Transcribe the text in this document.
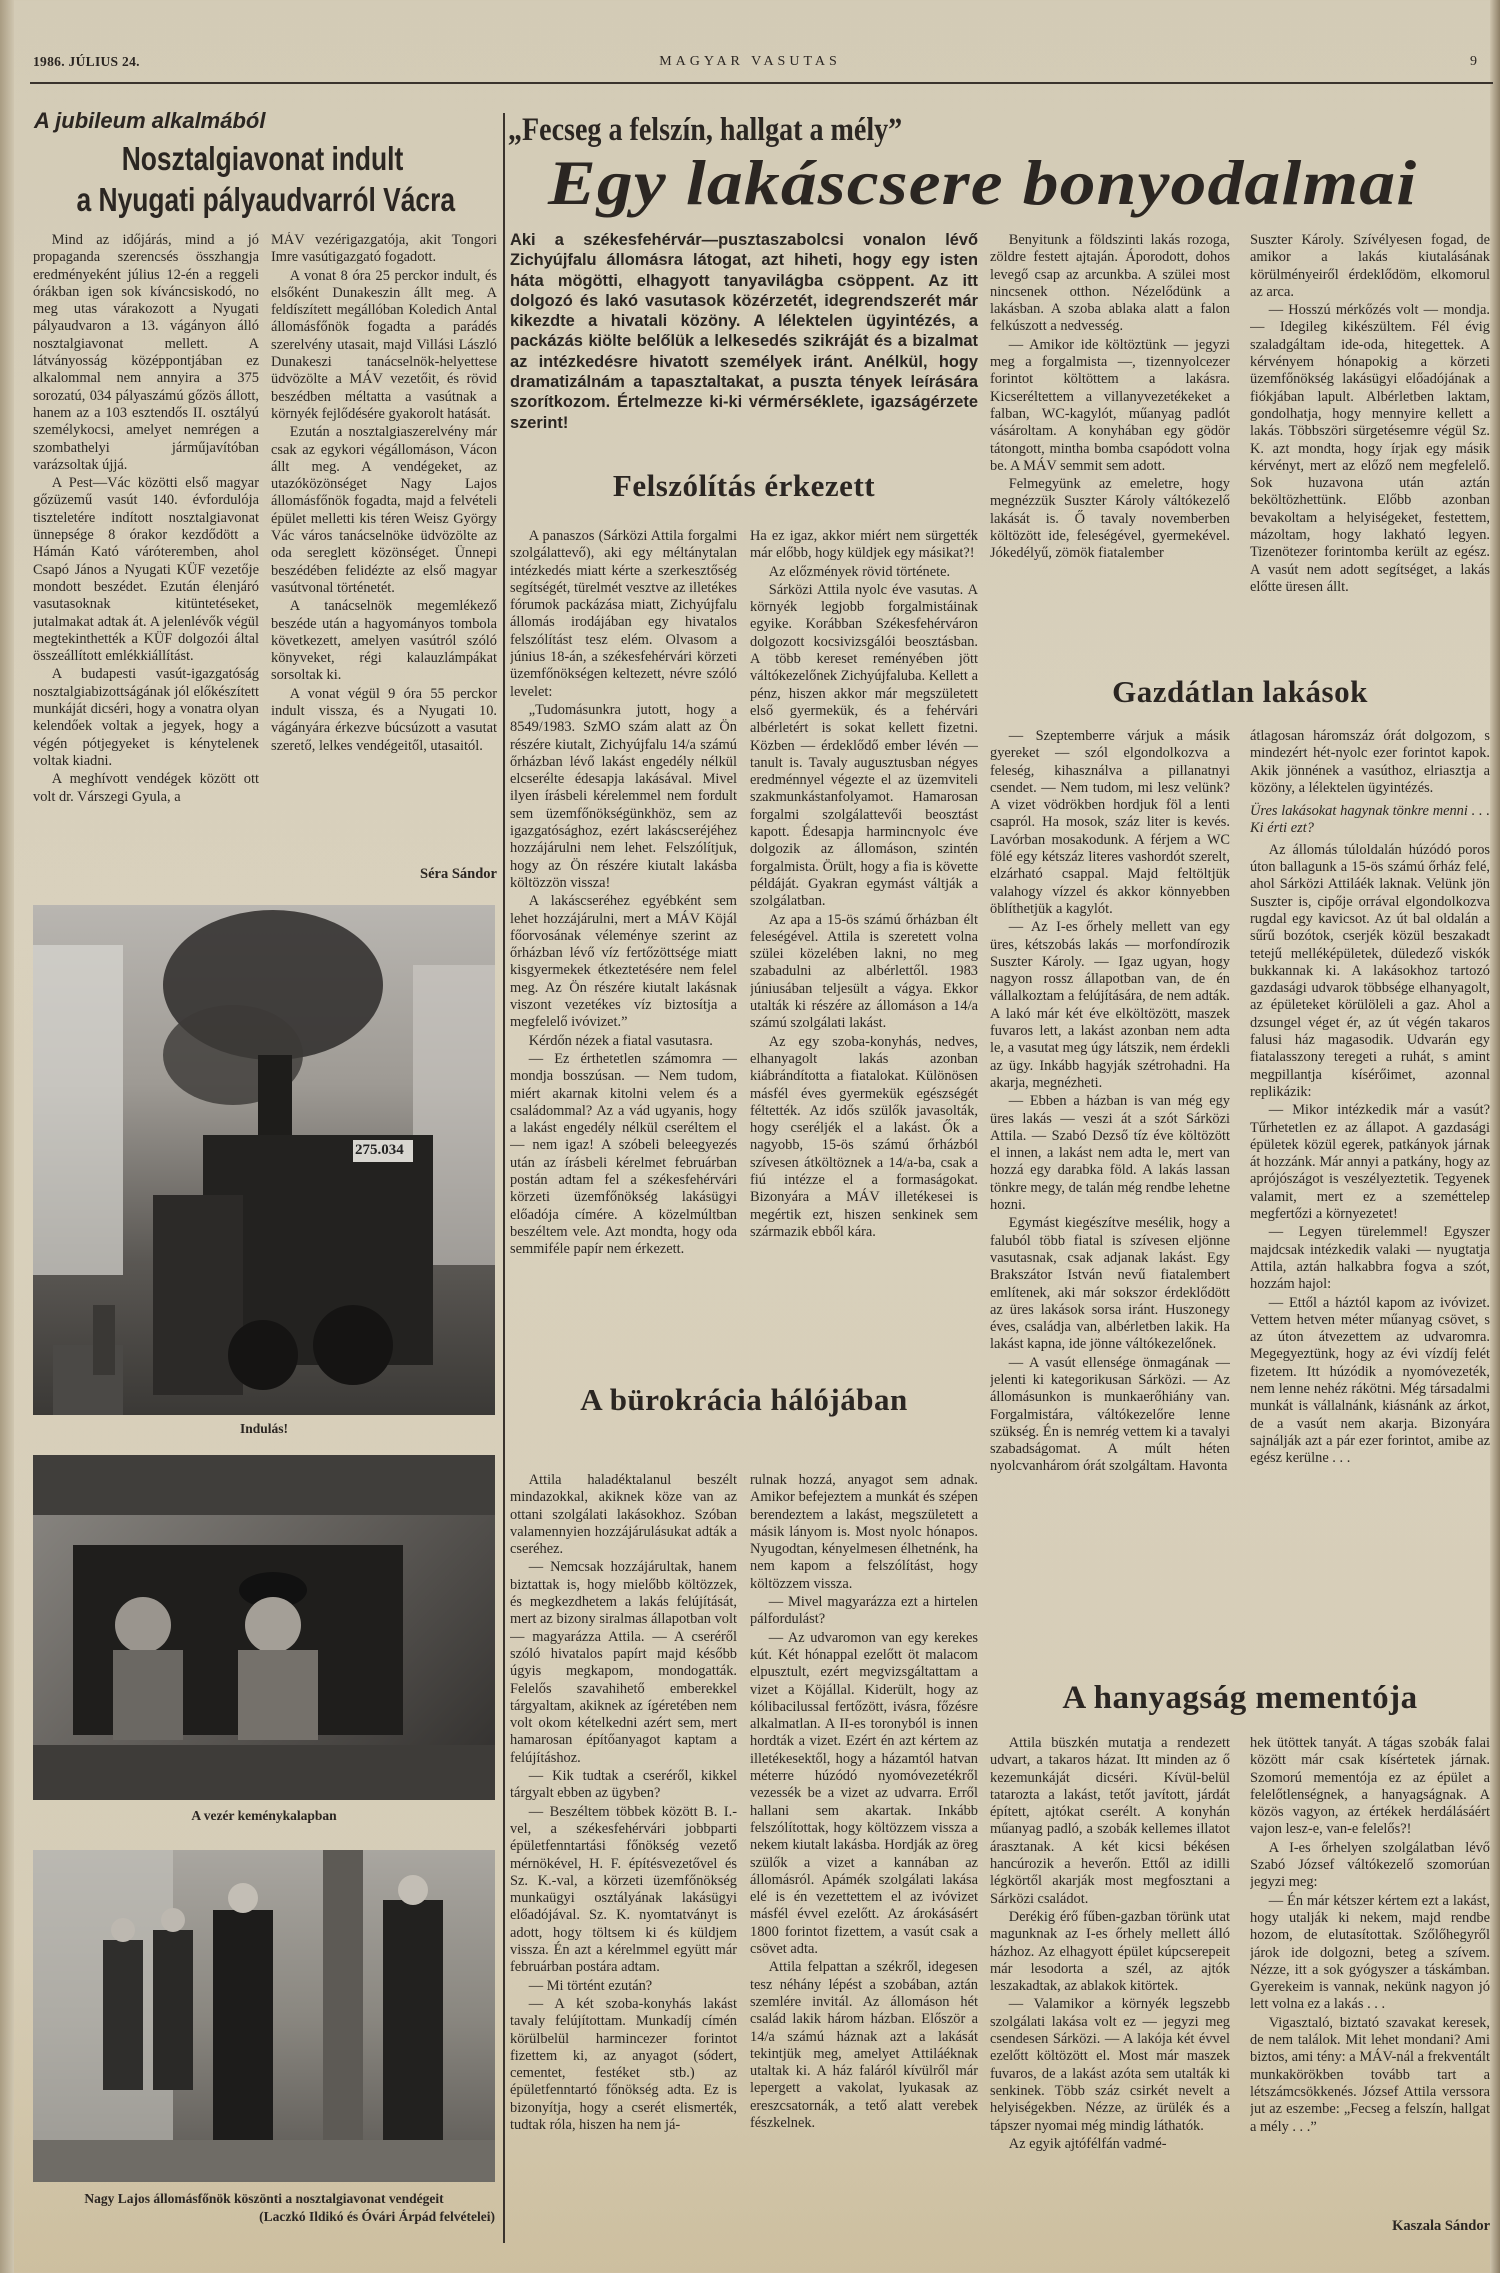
1986. JÚLIUS 24.	MAGYAR VASUTAS	9
A jubileum alkalmából
Nosztalgiavonat indult
a Nyugati pályaudvarról Vácra

Mind az időjárás, mind a jó propaganda szerencsés összhangja eredményeként július 12-én a reggeli órákban igen sok kíváncsiskodó, no meg utas várakozott a Nyugati pályaudvaron a 13. vágányon álló nosztalgiavonat mellett. A látványosság középpontjában ez alkalommal nem annyira a 375 sorozatú, 034 pályaszámú gőzös állott, hanem az a 103 esztendős II. osztályú személykocsi, amelyet nemrégen a szombathelyi járműjavítóban varázsoltak újjá.

A Pest—Vác közötti első magyar gőzüzemű vasút 140. évfordulója tiszteletére indított nosztalgiavonat ünnepsége 8 órakor kezdődött a Hámán Kató váróteremben, ahol Csapó János a Nyugati KÜF vezetője mondott beszédet. Ezután élenjáró vasutasoknak kitüntetéseket, jutalmakat adtak át. A jelenlévők végül megtekinthették a KÜF dolgozói által összeállított emlékkiállítást.

A budapesti vasút-igazgatóság nosztalgiabizottságának jól előkészített munkáját dicséri, hogy a vonatra olyan kelendőek voltak a jegyek, hogy a végén pótjegyeket is kénytelenek voltak kiadni.

A meghívott vendégek között ott volt dr. Várszegi Gyula, a

MÁV vezérigazgatója, akit Tongori Imre vasútigazgató fogadott.

A vonat 8 óra 25 perckor indult, és elsőként Dunakeszin állt meg. A feldíszített megállóban Koledich Antal állomásfőnök fogadta a parádés szerelvény utasait, majd Villási László Dunakeszi tanácselnök-helyettese üdvözölte a MÁV vezetőit, és rövid beszédben méltatta a vasútnak a környék fejlődésére gyakorolt hatását.

Ezután a nosztalgiaszerelvény már csak az egykori végállomáson, Vácon állt meg. A vendégeket, az utazóközönséget Nagy Lajos állomásfőnök fogadta, majd a felvételi épület melletti kis téren Weisz György Vác város tanácselnöke üdvözölte az oda sereglett közönséget. Ünnepi beszédében felidézte az első magyar vasútvonal történetét.

A tanácselnök megemlékező beszéde után a hagyományos tombola következett, amelyen vasútról szóló könyveket, régi kalauzlámpákat sorsoltak ki.

A vonat végül 9 óra 55 perckor indult vissza, és a Nyugati 10. vágányára érkezve búcsúzott a vasutat szerető, lelkes vendégeitől, utasaitól.

Séra Sándor
275.034
Indulás!
A vezér keménykalapban
Nagy Lajos állomásfőnök köszönti a nosztalgiavonat vendégeit
(Laczkó Ildikó és Óvári Árpád felvételei)
„Fecseg a felszín, hallgat a mély”
Egy lakáscsere bonyodalmai
Aki a székesfehérvár—pusztaszabolcsi vonalon lévő Zichyújfalu állomásra látogat, azt hiheti, hogy egy isten háta mögötti, elhagyott tanyavilágba csöppent. Az itt dolgozó és lakó vasutasok közérzetét, idegrendszerét már kikezdte a hivatali közöny. A lélektelen ügyintézés, a packázás kiölte belőlük a lelkesedés szikráját és a bizalmat az intézkedésre hivatott személyek iránt. Anélkül, hogy dramatizálnám a tapasztaltakat, a puszta tények leírására szorítkozom. Értelmezze ki-ki vérmérséklete, igazságérzete szerint!

Benyitunk a földszinti lakás rozoga, zöldre festett ajtaján. Áporodott, dohos levegő csap az arcunkba. A szülei most nincsenek otthon. Nézelődünk a lakásban. A szoba ablaka alatt a falon felkúszott a nedvesség.

— Amikor ide költöztünk — jegyzi meg a forgalmista —, tizennyolcezer forintot költöttem a lakásra. Kicseréltettem a villanyvezetékeket a falban, WC-kagylót, műanyag padlót vásároltam. A konyhában egy gödör tátongott, mintha bomba csapódott volna be. A MÁV semmit sem adott.

Felmegyünk az emeletre, hogy megnézzük Suszter Károly váltókezelő lakását is. Ő tavaly novemberben költözött ide, feleségével, gyermekével. Jókedélyű, zömök fiatalember

Suszter Károly. Szívélyesen fogad, de amikor a lakás kiutalásának körülményeiről érdeklődöm, elkomorul az arca.

— Hosszú mérkőzés volt — mondja. — Idegileg kikészültem. Fél évig szaladgáltam ide-oda, hitegettek. A kérvényem hónapokig a körzeti üzemfőnökség lakásügyi előadójának a fiókjában lapult. Albérletben laktam, gondolhatja, hogy mennyire kellett a lakás. Többszöri sürgetésemre végül Sz. K. azt mondta, hogy írjak egy másik kérvényt, mert az előző nem megfelelő. Sok huzavona után aztán beköltözhettünk. Előbb azonban bevakoltam a helyiségeket, festettem, mázoltam, hogy lakható legyen. Tizenötezer forintomba került az egész. A vasút nem adott segítséget, a lakás előtte üresen állt.

Felszólítás érkezett

A panaszos (Sárközi Attila forgalmi szolgálattevő), aki egy méltánytalan intézkedés miatt kérte a szerkesztőség segítségét, türelmét vesztve az illetékes fórumok packázása miatt, Zichyújfalu állomás irodájában egy hivatalos felszólítást tesz elém. Olvasom a június 18-án, a székesfehérvári körzeti üzemfőnökségen keltezett, névre szóló levelet:

„Tudomásunkra jutott, hogy a 8549/1983. SzMO szám alatt az Ön részére kiutalt, Zichyújfalu 14/a számú őrházban lévő lakást engedély nélkül elcserélte édesapja lakásával. Mivel ilyen írásbeli kérelemmel nem fordult sem üzemfőnökségünkhöz, sem az igazgatósághoz, ezért lakáscseréjéhez hozzájárulni nem lehet. Felszólítjuk, hogy az Ön részére kiutalt lakásba költözzön vissza!

A lakáscseréhez egyébként sem lehet hozzájárulni, mert a MÁV Köjál főorvosának véleménye szerint az őrházban lévő víz fertőzöttsége miatt kisgyermekek étkeztetésére nem felel meg. Az Ön részére kiutalt lakásnak viszont vezetékes víz biztosítja a megfelelő ivóvizet.”

Kérdőn nézek a fiatal vasutasra.

— Ez érthetetlen számomra — mondja bosszúsan. — Nem tudom, miért akarnak kitolni velem és a családommal? Az a vád ugyanis, hogy a lakást engedély nélkül cseréltem el — nem igaz! A szóbeli beleegyezés után az írásbeli kérelmet februárban postán adtam fel a székesfehérvári körzeti üzemfőnökség lakásügyi előadója címére. A közelmúltban beszéltem vele. Azt mondta, hogy oda semmiféle papír nem érkezett.

Ha ez igaz, akkor miért nem sürgették már előbb, hogy küldjek egy másikat?!

Az előzmények rövid története.

Sárközi Attila nyolc éve vasutas. A környék legjobb forgalmistáinak egyike. Korábban Székesfehérváron dolgozott kocsivizsgálói beosztásban. A több kereset reményében jött váltókezelőnek Zichyújfaluba. Kellett a pénz, hiszen akkor már megszületett első gyermekük, és a fehérvári albérletért is sokat kellett fizetni. Közben — érdeklődő ember lévén — tanult is. Tavaly augusztusban négyes eredménnyel végezte el az üzemviteli szakmunkástanfolyamot. Hamarosan forgalmi szolgálattevői beosztást kapott. Édesapja harmincnyolc éve dolgozik az állomáson, szintén forgalmista. Örült, hogy a fia is követte példáját. Gyakran egymást váltják a szolgálatban.

Az apa a 15-ös számú őrházban élt feleségével. Attila is szeretett volna szülei közelében lakni, no meg szabadulni az albérlettől. 1983 júniusában teljesült a vágya. Ekkor utalták ki részére az állomáson a 14/a számú szolgálati lakást.

Az egy szoba-konyhás, nedves, elhanyagolt lakás azonban kiábrándította a fiatalokat. Különösen másfél éves gyermekük egészségét féltették. Az idős szülők javasolták, hogy cseréljék el a lakást. Ők a nagyobb, 15-ös számú őrházból szívesen átköltöznek a 14/a-ba, csak a fiú intézze el a formaságokat. Bizonyára a MÁV illetékesei is megértik ezt, hiszen senkinek sem származik ebből kára.

Gazdátlan lakások

— Szeptemberre várjuk a másik gyereket — szól elgondolkozva a feleség, kihasználva a pillanatnyi csendet. — Nem tudom, mi lesz velünk? A vizet vödrökben hordjuk föl a lenti csapról. Ha mosok, száz liter is kevés. Lavórban mosakodunk. A férjem a WC fölé egy kétszáz literes vashordót szerelt, elzárható csappal. Majd feltöltjük valahogy vízzel és akkor könnyebben öblíthetjük a kagylót.

— Az I-es őrhely mellett van egy üres, kétszobás lakás — morfondírozik Suszter Károly. — Igaz ugyan, hogy nagyon rossz állapotban van, de én vállalkoztam a felújítására, de nem adták. A lakó már két éve elköltözött, maszek fuvaros lett, a lakást azonban nem adta le, a vasutat meg úgy látszik, nem érdekli az ügy. Inkább hagyják szétrohadni. Ha akarja, megnézheti.

— Ebben a házban is van még egy üres lakás — veszi át a szót Sárközi Attila. — Szabó Dezső tíz éve költözött el innen, a lakást nem adta le, mert van hozzá egy darabka föld. A lakás lassan tönkre megy, de talán még rendbe lehetne hozni.

Egymást kiegészítve mesélik, hogy a faluból több fiatal is szívesen eljönne vasutasnak, csak adjanak lakást. Egy Brakszátor István nevű fiatalembert említenek, aki már sokszor érdeklődött az üres lakások sorsa iránt. Huszonegy éves, családja van, albérletben lakik. Ha lakást kapna, ide jönne váltókezelőnek.

— A vasút ellensége önmagának — jelenti ki kategorikusan Sárközi. — Az állomásunkon is munkaerőhiány van. Forgalmistára, váltókezelőre lenne szükség. Én is nemrég vettem ki a tavalyi szabadságomat. A múlt héten nyolcvanhárom órát szolgáltam. Havonta

átlagosan háromszáz órát dolgozom, s mindezért hét-nyolc ezer forintot kapok. Akik jönnének a vasúthoz, elriasztja a közöny, a lélektelen ügyintézés.

Üres lakásokat hagynak tönkre menni . . . Ki érti ezt?

Az állomás túloldalán húzódó poros úton ballagunk a 15-ös számú őrház felé, ahol Sárközi Attiláék laknak. Velünk jön Suszter is, cipője orrával elgondolkozva rugdal egy kavicsot. Az út bal oldalán a sűrű bozótok, cserjék közül beszakadt tetejű melléképületek, düledező viskók bukkannak ki. A lakásokhoz tartozó gazdasági udvarok többsége elhanyagolt, az épületeket körülöleli a gaz. Ahol a dzsungel véget ér, az út végén takaros falusi ház magasodik. Udvarán egy fiatalasszony teregeti a ruhát, s amint megpillantja kísérőimet, azonnal replikázik:

— Mikor intézkedik már a vasút? Tűrhetetlen ez az állapot. A gazdasági épületek közül egerek, patkányok járnak át hozzánk. Már annyi a patkány, hogy az aprójószágot is veszélyeztetik. Tegyenek valamit, mert ez a szeméttelep megfertőzi a környezetet!

— Legyen türelemmel! Egyszer majdcsak intézkedik valaki — nyugtatja Attila, aztán halkabbra fogva a szót, hozzám hajol:

— Ettől a háztól kapom az ivóvizet. Vettem hetven méter műanyag csövet, s az úton átvezettem az udvaromra. Megegyeztünk, hogy az évi vízdíj felét fizetem. Itt húzódik a nyomóvezeték, nem lenne nehéz rákötni. Még társadalmi munkát is vállalnánk, kiásnánk az árkot, de a vasút nem akarja. Bizonyára sajnálják azt a pár ezer forintot, amibe az egész kerülne . . .

A bürokrácia hálójában

Attila haladéktalanul beszélt mindazokkal, akiknek köze van az ottani szolgálati lakásokhoz. Szóban valamennyien hozzájárulásukat adták a cseréhez.

— Nemcsak hozzájárultak, hanem biztattak is, hogy mielőbb költözzek, és megkezdhetem a lakás felújítását, mert az bizony siralmas állapotban volt — magyarázza Attila. — A cseréről szóló hivatalos papírt majd később úgyis megkapom, mondogatták. Felelős szavahihető emberekkel tárgyaltam, akiknek az ígéretében nem volt okom kételkedni azért sem, mert hamarosan építőanyagot kaptam a felújításhoz.

— Kik tudtak a cseréről, kikkel tárgyalt ebben az ügyben?

— Beszéltem többek között B. I.-vel, a székesfehérvári jobbparti épületfenntartási főnökség vezető mérnökével, H. F. építésvezetővel és Sz. K.-val, a körzeti üzemfőnökség munkaügyi osztályának lakásügyi előadójával. Sz. K. nyomtatványt is adott, hogy töltsem ki és küldjem vissza. Én azt a kérelmmel együtt már februárban postára adtam.

— Mi történt ezután?

— A két szoba-konyhás lakást tavaly felújítottam. Munkadíj címén körülbelül harmincezer forintot fizettem ki, az anyagot (sódert, cementet, festéket stb.) az épületfenntartó főnökség adta. Ez is bizonyítja, hogy a cserét elismerték, tudtak róla, hiszen ha nem já-

rulnak hozzá, anyagot sem adnak. Amikor befejeztem a munkát és szépen berendeztem a lakást, megszületett a másik lányom is. Most nyolc hónapos. Nyugodtan, kényelmesen élhetnénk, ha nem kapom a felszólítást, hogy költözzem vissza.

— Mivel magyarázza ezt a hirtelen pálfordulást?

— Az udvaromon van egy kerekes kút. Két hónappal ezelőtt öt malacom elpusztult, ezért megvizsgáltattam a vizet a Köjállal. Kiderült, hogy az kólibacilussal fertőzött, ivásra, főzésre alkalmatlan. A II-es toronyból is innen hordták a vizet. Ezért én azt kértem az illetékesektől, hogy a házamtól hatvan méterre húzódó nyomóvezetékről vezessék be a vizet az udvarra. Erről hallani sem akartak. Inkább felszólítottak, hogy költözzem vissza a nekem kiutalt lakásba. Hordják az öreg szülők a vizet a kannában az állomásról. Apámék szolgálati lakása elé is én vezettettem el az ivóvizet másfél évvel ezelőtt. Az árokásásért 1800 forintot fizettem, a vasút csak a csövet adta.

Attila felpattan a székről, idegesen tesz néhány lépést a szobában, aztán szemlére invitál. Az állomáson hét család lakik három házban. Először a 14/a számú háznak azt a lakását tekintjük meg, amelyet Attiláéknak utaltak ki. A ház faláról kívülről már lepergett a vakolat, lyukasak az ereszcsatornák, a tető alatt verebek fészkelnek.

A hanyagság mementója

Attila büszkén mutatja a rendezett udvart, a takaros házat. Itt minden az ő kezemunkáját dicséri. Kívül-belül tatarozta a lakást, tetőt javított, járdát épített, ajtókat cserélt. A konyhán műanyag padló, a szobák kellemes illatot árasztanak. A két kicsi békésen hancúrozik a heverőn. Ettől az idilli légkörtől akarják most megfosztani a Sárközi családot.

Derékig érő fűben-gazban törünk utat magunknak az I-es őrhely mellett álló házhoz. Az elhagyott épület kúpcserepeit már lesodorta a szél, az ajtók leszakadtak, az ablakok kitörtek.

— Valamikor a környék legszebb szolgálati lakása volt ez — jegyzi meg csendesen Sárközi. — A lakója két évvel ezelőtt költözött el. Most már maszek fuvaros, de a lakást azóta sem utalták ki senkinek. Több száz csirkét nevelt a helyiségekben. Nézze, az ürülék és a tápszer nyomai még mindig láthatók.

Az egyik ajtófélfán vadmé-

hek ütöttek tanyát. A tágas szobák falai között már csak kísértetek járnak. Szomorú mementója ez az épület a felelőtlenségnek, a hanyagságnak. A közös vagyon, az értékek herdálásáért vajon lesz-e, van-e felelős?!

A I-es őrhelyen szolgálatban lévő Szabó József váltókezelő szomorúan jegyzi meg:

— Én már kétszer kértem ezt a lakást, hogy utalják ki nekem, majd rendbe hozom, de elutasítottak. Szőlőhegyről járok ide dolgozni, beteg a szívem. Nézze, itt a sok gyógyszer a táskámban. Gyerekeim is vannak, nekünk nagyon jó lett volna ez a lakás . . .

Vigasztaló, biztató szavakat keresek, de nem találok. Mit lehet mondani? Ami biztos, ami tény: a MÁV-nál a frekventált munkakörökben tovább tart a létszámcsökkenés. József Attila verssora jut az eszembe: „Fecseg a felszín, hallgat a mély . . .”

Kaszala Sándor
